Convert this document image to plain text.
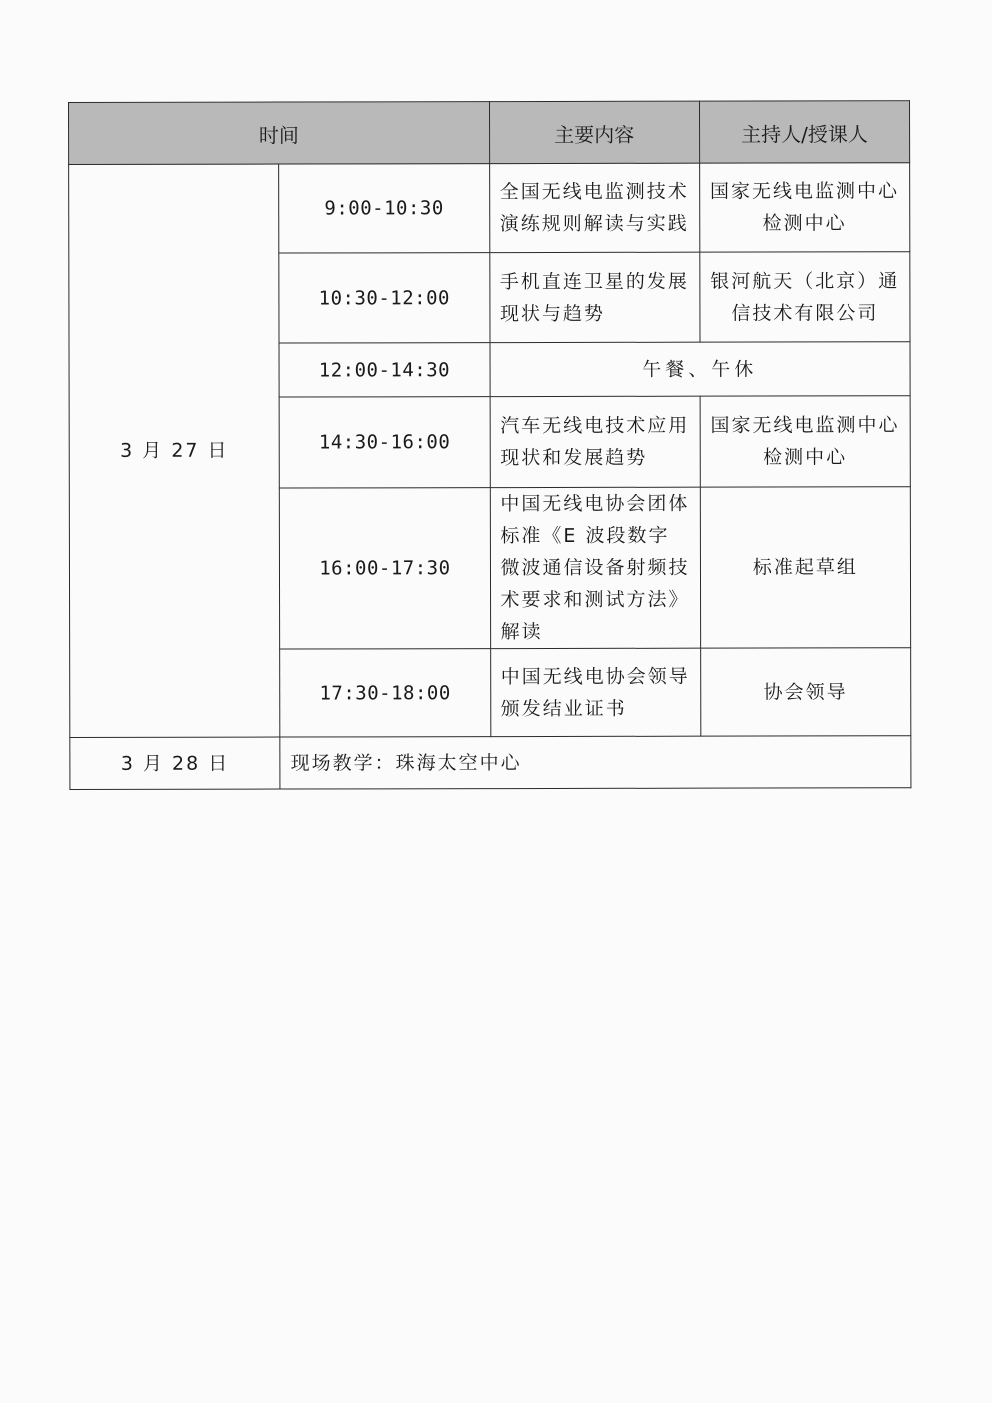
时间		主要内容	主持人/授课人
3 月 27 日	9:00-10:30	全国无线电监测技术演练规则解读与实践	国家无线电监测中心检测中心
	10:30-12:00	手机直连卫星的发展现状与趋势	银河航天（北京）通信技术有限公司
	12:00-14:30	午餐、午休	
	14:30-16:00	汽车无线电技术应用现状和发展趋势	国家无线电监测中心检测中心
	16:00-17:30	中国无线电协会团体标准《E 波段数字微波通信设备射频技术要求和测试方法》解读	标准起草组
	17:30-18:00	中国无线电协会领导颁发结业证书	协会领导
3 月 28 日	现场教学：珠海太空中心		
